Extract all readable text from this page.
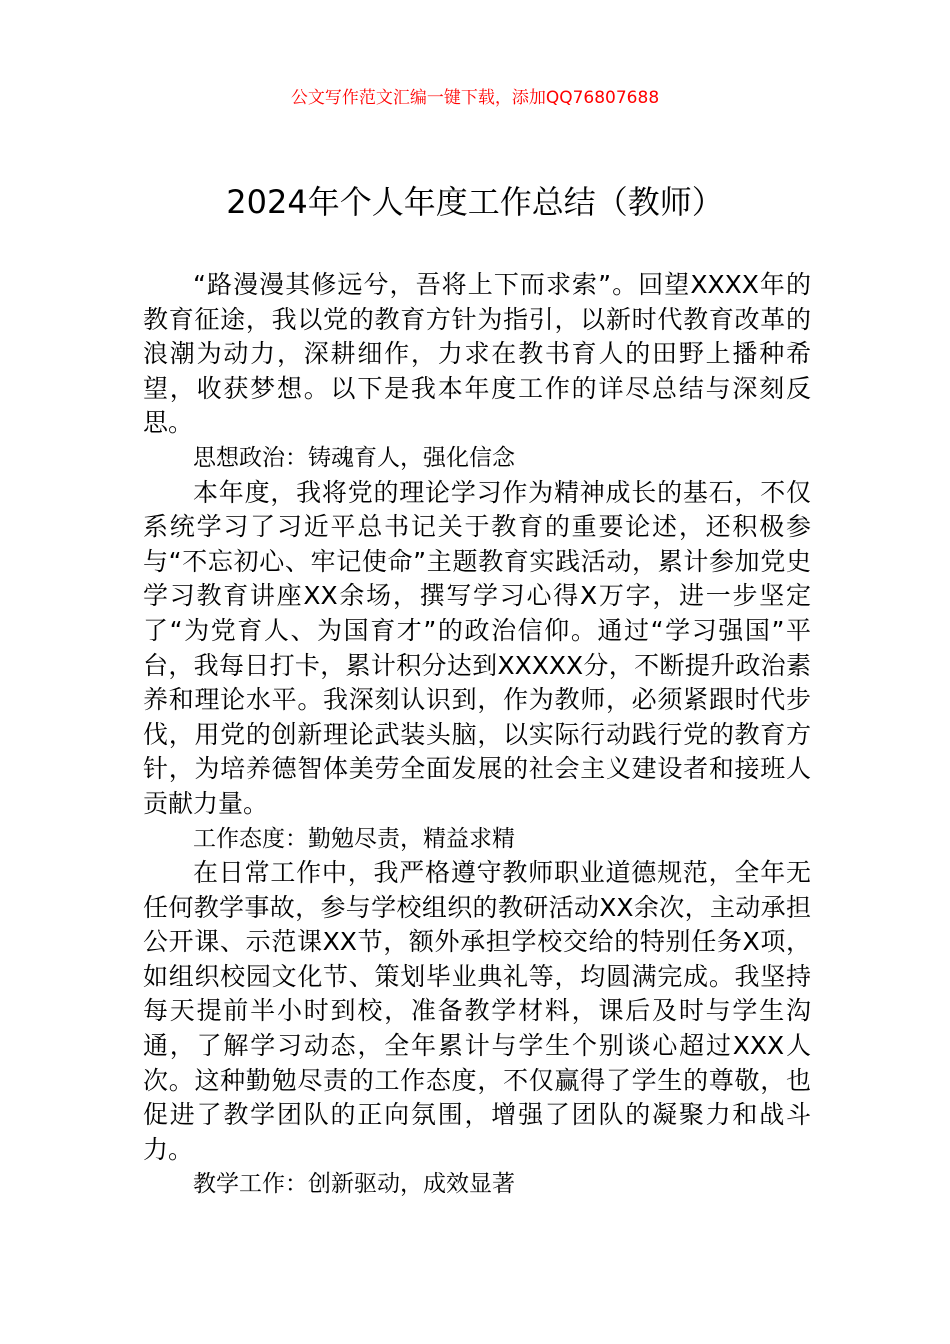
公文写作范文汇编一键下载，添加QQ76807688
2024年个人年度工作总结（教师）

“路漫漫其修远兮，吾将上下而求索”。回望XXXX年的教育征途，我以党的教育方针为指引，以新时代教育改革的浪潮为动力，深耕细作，力求在教书育人的田野上播种希望，收获梦想。以下是我本年度工作的详尽总结与深刻反思。

思想政治：铸魂育人，强化信念

本年度，我将党的理论学习作为精神成长的基石，不仅系统学习了习近平总书记关于教育的重要论述，还积极参与“不忘初心、牢记使命”主题教育实践活动，累计参加党史学习教育讲座XX余场，撰写学习心得X万字，进一步坚定了“为党育人、为国育才”的政治信仰。通过“学习强国”平台，我每日打卡，累计积分达到XXXXX分，不断提升政治素养和理论水平。我深刻认识到，作为教师，必须紧跟时代步伐，用党的创新理论武装头脑，以实际行动践行党的教育方针，为培养德智体美劳全面发展的社会主义建设者和接班人贡献力量。

工作态度：勤勉尽责，精益求精

在日常工作中，我严格遵守教师职业道德规范，全年无任何教学事故，参与学校组织的教研活动XX余次，主动承担公开课、示范课XX节，额外承担学校交给的特别任务X项，如组织校园文化节、策划毕业典礼等，均圆满完成。我坚持每天提前半小时到校，准备教学材料，课后及时与学生沟通，了解学习动态，全年累计与学生个别谈心超过XXX人次。这种勤勉尽责的工作态度，不仅赢得了学生的尊敬，也促进了教学团队的正向氛围，增强了团队的凝聚力和战斗力。

教学工作：创新驱动，成效显著
